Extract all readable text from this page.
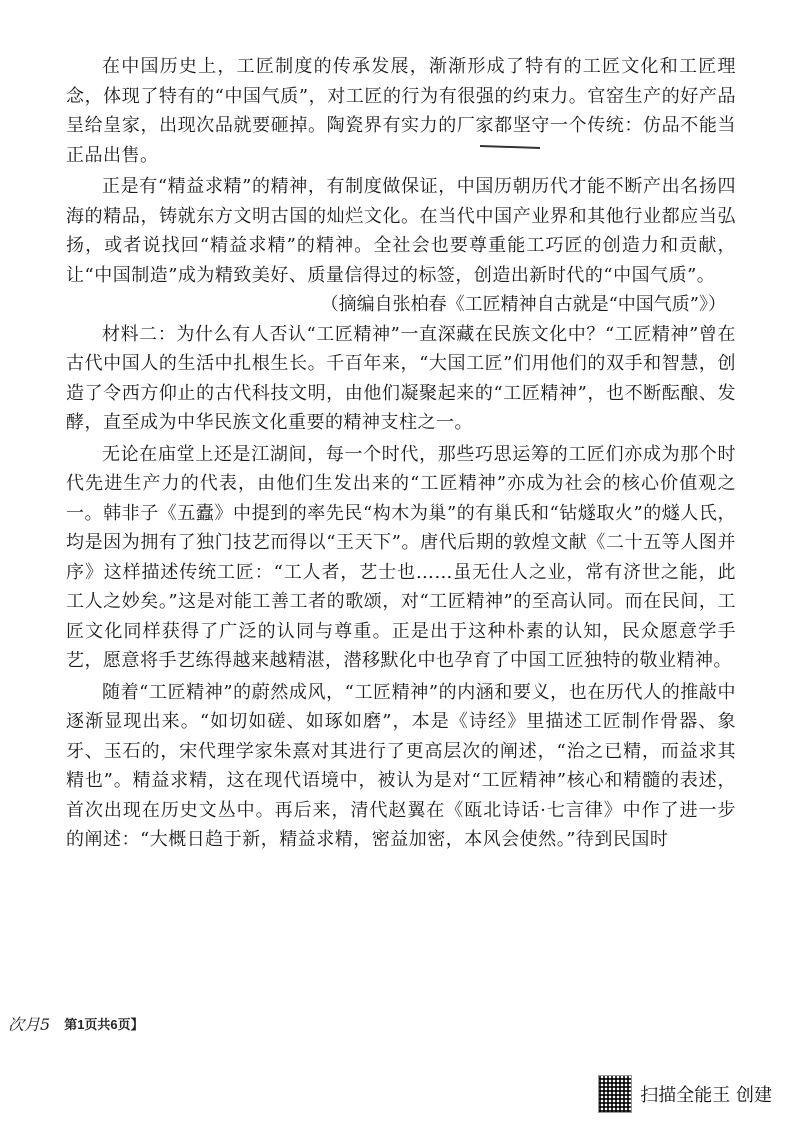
在中国历史上，工匠制度的传承发展，渐渐形成了特有的工匠文化和工匠理念，体现了特有的“中国气质”，对工匠的行为有很强的约束力。官窑生产的好产品呈给皇家，出现次品就要砸掉。陶瓷界有实力的厂家都坚守一个传统：仿品不能当正品出售。

正是有“精益求精”的精神，有制度做保证，中国历朝历代才能不断产出名扬四海的精品，铸就东方文明古国的灿烂文化。在当代中国产业界和其他行业都应当弘扬，或者说找回“精益求精”的精神。全社会也要尊重能工巧匠的创造力和贡献，让“中国制造”成为精致美好、质量信得过的标签，创造出新时代的“中国气质”。

（摘编自张柏春《工匠精神自古就是“中国气质”》）

材料二：为什么有人否认“工匠精神”一直深藏在民族文化中？“工匠精神”曾在古代中国人的生活中扎根生长。千百年来，“大国工匠”们用他们的双手和智慧，创造了令西方仰止的古代科技文明，由他们凝聚起来的“工匠精神”，也不断酝酿、发酵，直至成为中华民族文化重要的精神支柱之一。

无论在庙堂上还是江湖间，每一个时代，那些巧思运筹的工匠们亦成为那个时代先进生产力的代表，由他们生发出来的“工匠精神”亦成为社会的核心价值观之一。韩非子《五蠹》中提到的率先民“构木为巢”的有巢氏和“钻燧取火”的燧人氏，均是因为拥有了独门技艺而得以“王天下”。唐代后期的敦煌文献《二十五等人图并序》这样描述传统工匠：“工人者，艺士也……虽无仕人之业，常有济世之能，此工人之妙矣。”这是对能工善工者的歌颂，对“工匠精神”的至高认同。而在民间，工匠文化同样获得了广泛的认同与尊重。正是出于这种朴素的认知，民众愿意学手艺，愿意将手艺练得越来越精湛，潜移默化中也孕育了中国工匠独特的敬业精神。

随着“工匠精神”的蔚然成风，“工匠精神”的内涵和要义，也在历代人的推敲中逐渐显现出来。“如切如磋、如琢如磨”，本是《诗经》里描述工匠制作骨器、象牙、玉石的，宋代理学家朱熹对其进行了更高层次的阐述，“治之已精，而益求其精也”。精益求精，这在现代语境中，被认为是对“工匠精神”核心和精髓的表述，首次出现在历史文丛中。再后来，清代赵翼在《瓯北诗话·七言律》中作了进一步的阐述：“大概日趋于新，精益求精，密益加密，本风会使然。”待到民国时

次月5 第1页共6页】
扫描全能王 创建
